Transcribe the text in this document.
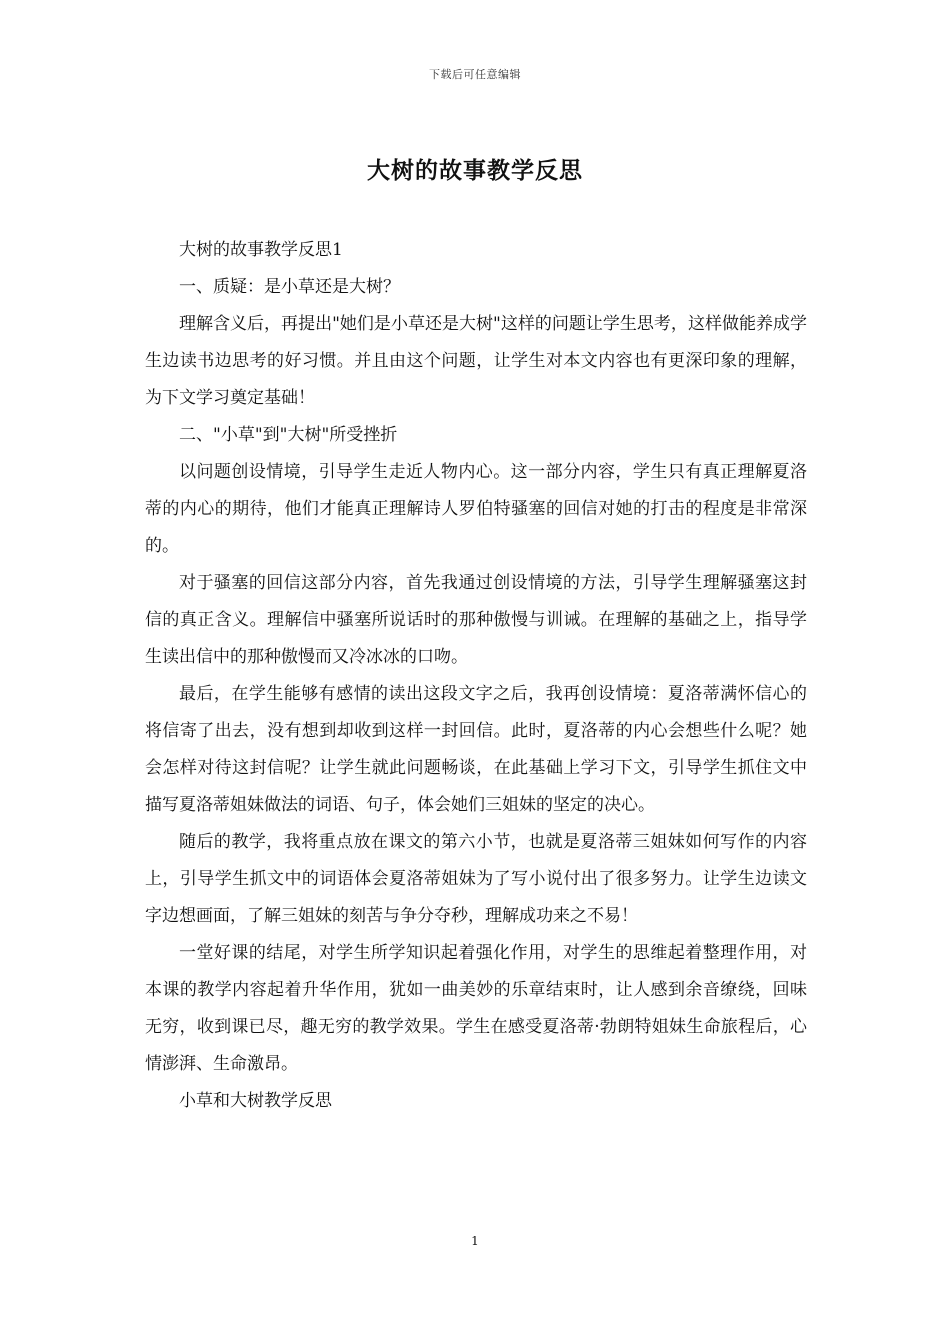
下载后可任意编辑
大树的故事教学反思

大树的故事教学反思1

一、质疑：是小草还是大树？

理解含义后，再提出"她们是小草还是大树"这样的问题让学生思考，这样做能养成学生边读书边思考的好习惯。并且由这个问题，让学生对本文内容也有更深印象的理解，为下文学习奠定基础！

二、"小草"到"大树"所受挫折

以问题创设情境，引导学生走近人物内心。这一部分内容，学生只有真正理解夏洛蒂的内心的期待，他们才能真正理解诗人罗伯特骚塞的回信对她的打击的程度是非常深的。

对于骚塞的回信这部分内容，首先我通过创设情境的方法，引导学生理解骚塞这封信的真正含义。理解信中骚塞所说话时的那种傲慢与训诫。在理解的基础之上，指导学生读出信中的那种傲慢而又冷冰冰的口吻。

最后，在学生能够有感情的读出这段文字之后，我再创设情境：夏洛蒂满怀信心的将信寄了出去，没有想到却收到这样一封回信。此时，夏洛蒂的内心会想些什么呢？她会怎样对待这封信呢？让学生就此问题畅谈，在此基础上学习下文，引导学生抓住文中描写夏洛蒂姐妹做法的词语、句子，体会她们三姐妹的坚定的决心。

随后的教学，我将重点放在课文的第六小节，也就是夏洛蒂三姐妹如何写作的内容上，引导学生抓文中的词语体会夏洛蒂姐妹为了写小说付出了很多努力。让学生边读文字边想画面，了解三姐妹的刻苦与争分夺秒，理解成功来之不易！

一堂好课的结尾，对学生所学知识起着强化作用，对学生的思维起着整理作用，对本课的教学内容起着升华作用，犹如一曲美妙的乐章结束时，让人感到余音缭绕，回味无穷，收到课已尽，趣无穷的教学效果。学生在感受夏洛蒂·勃朗特姐妹生命旅程后，心情澎湃、生命激昂。

小草和大树教学反思

1
